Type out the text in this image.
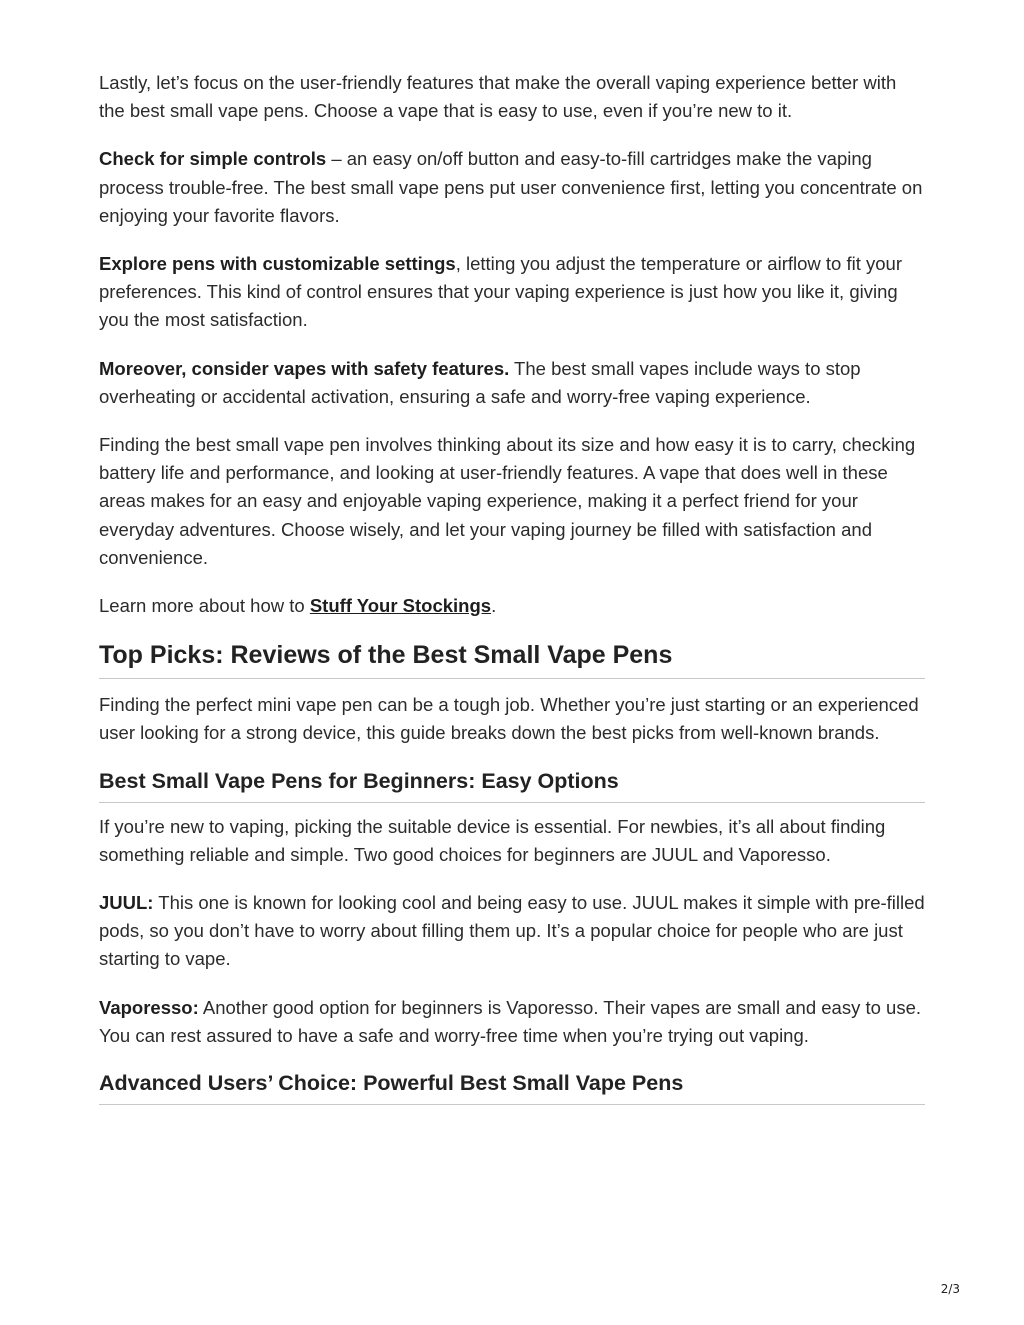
Lastly, let’s focus on the user-friendly features that make the overall vaping experience better with the best small vape pens. Choose a vape that is easy to use, even if you’re new to it.

Check for simple controls – an easy on/off button and easy-to-fill cartridges make the vaping process trouble-free. The best small vape pens put user convenience first, letting you concentrate on enjoying your favorite flavors.

Explore pens with customizable settings, letting you adjust the temperature or airflow to fit your preferences. This kind of control ensures that your vaping experience is just how you like it, giving you the most satisfaction.

Moreover, consider vapes with safety features. The best small vapes include ways to stop overheating or accidental activation, ensuring a safe and worry-free vaping experience.

Finding the best small vape pen involves thinking about its size and how easy it is to carry, checking battery life and performance, and looking at user-friendly features. A vape that does well in these areas makes for an easy and enjoyable vaping experience, making it a perfect friend for your everyday adventures. Choose wisely, and let your vaping journey be filled with satisfaction and convenience.

Learn more about how to Stuff Your Stockings.

Top Picks: Reviews of the Best Small Vape Pens

Finding the perfect mini vape pen can be a tough job. Whether you’re just starting or an experienced user looking for a strong device, this guide breaks down the best picks from well-known brands.

Best Small Vape Pens for Beginners: Easy Options

If you’re new to vaping, picking the suitable device is essential. For newbies, it’s all about finding something reliable and simple. Two good choices for beginners are JUUL and Vaporesso.

JUUL: This one is known for looking cool and being easy to use. JUUL makes it simple with pre-filled pods, so you don’t have to worry about filling them up. It’s a popular choice for people who are just starting to vape.

Vaporesso: Another good option for beginners is Vaporesso. Their vapes are small and easy to use. You can rest assured to have a safe and worry-free time when you’re trying out vaping.

Advanced Users’ Choice: Powerful Best Small Vape Pens
2/3
